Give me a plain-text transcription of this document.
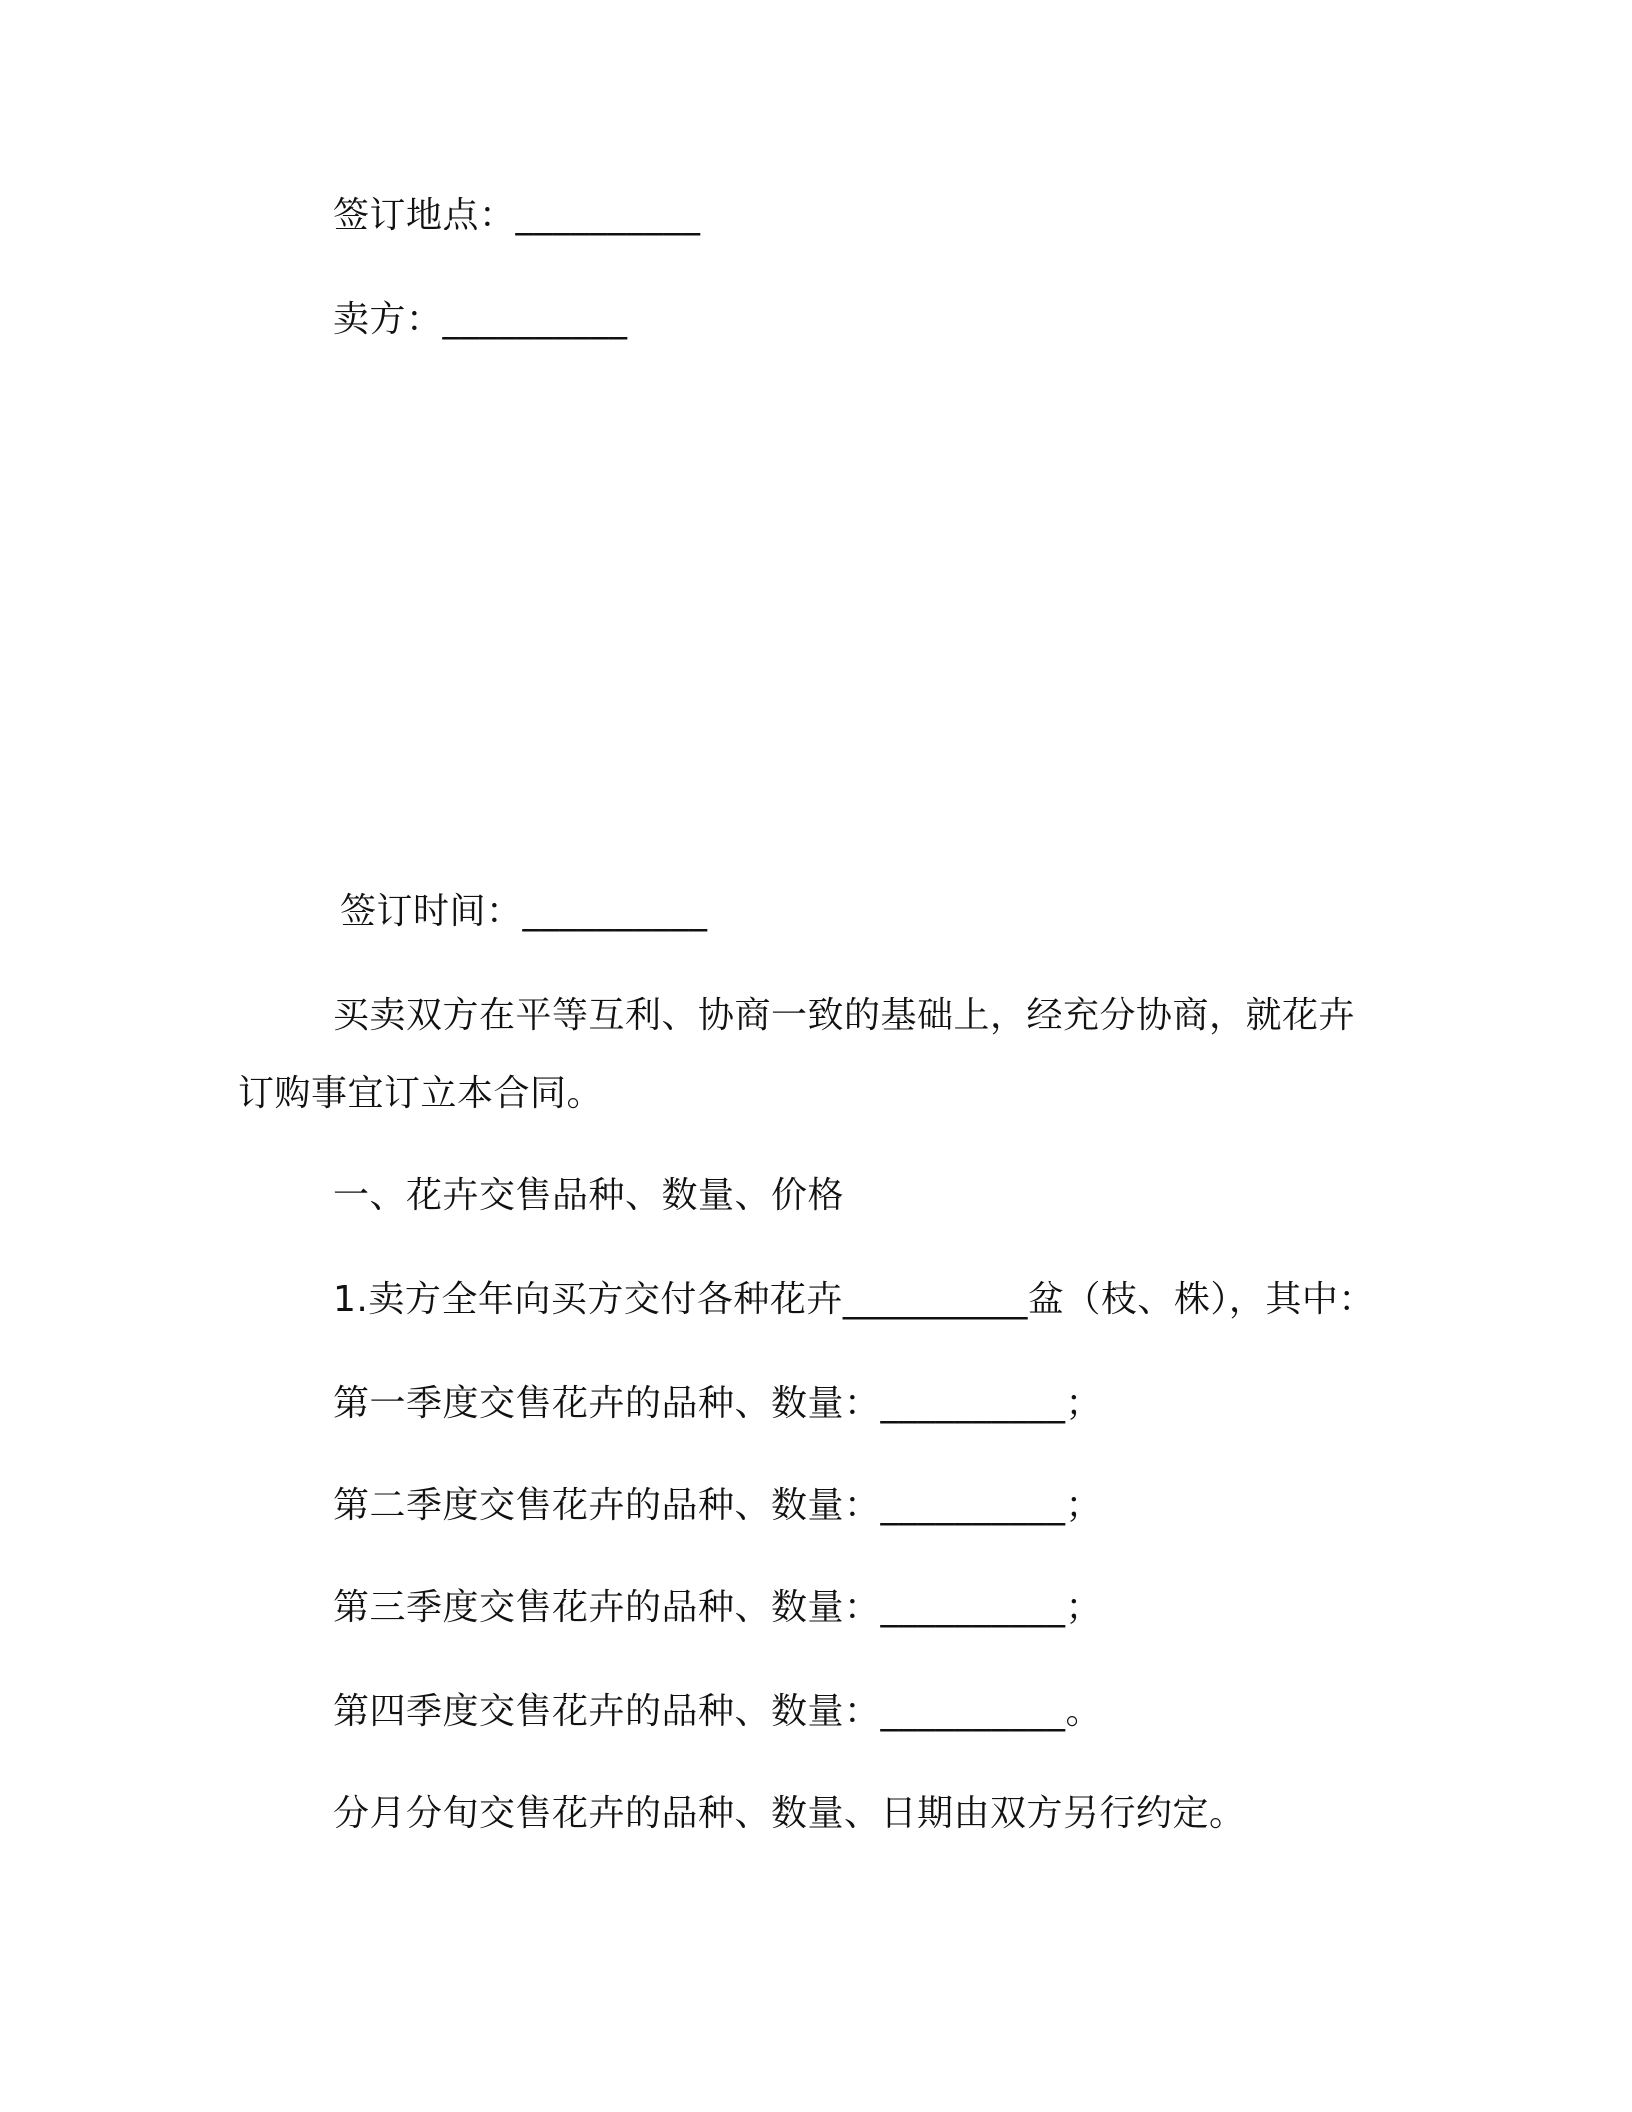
签订地点：__________
卖方：__________
签订时间：__________
买卖双方在平等互利、协商一致的基础上，经充分协商，就花卉
订购事宜订立本合同。
一、花卉交售品种、数量、价格
1.卖方全年向买方交付各种花卉__________盆（枝、株），其中：
第一季度交售花卉的品种、数量：__________；
第二季度交售花卉的品种、数量：__________；
第三季度交售花卉的品种、数量：__________；
第四季度交售花卉的品种、数量：__________。
分月分旬交售花卉的品种、数量、日期由双方另行约定。
